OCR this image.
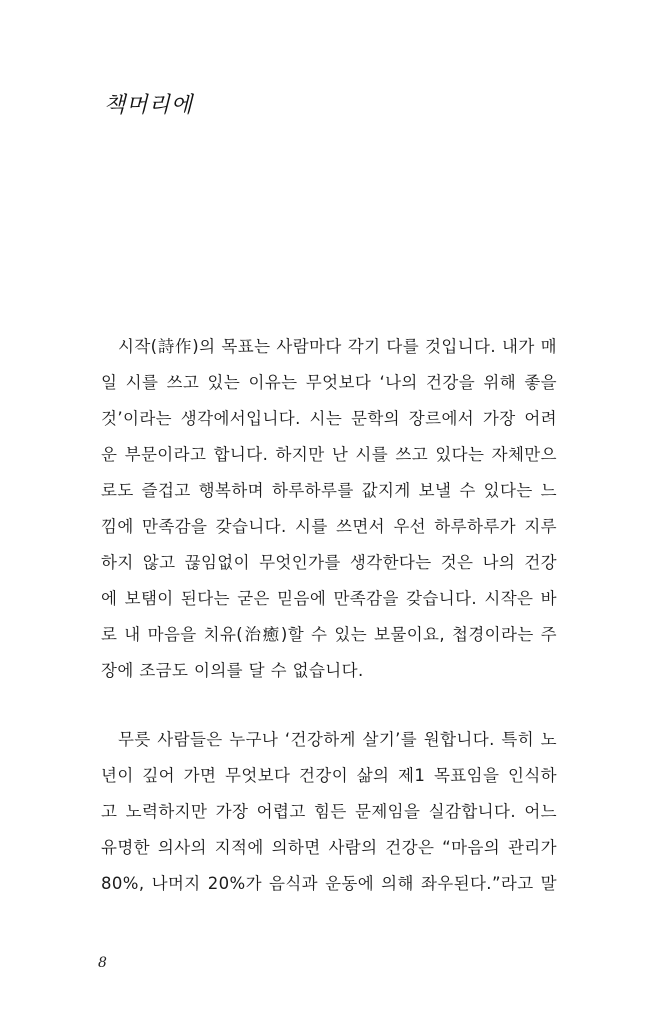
책머리에
시작(詩作)의 목표는 사람마다 각기 다를 것입니다. 내가 매
일 시를 쓰고 있는 이유는 무엇보다 ‘나의 건강을 위해 좋을
것’이라는 생각에서입니다. 시는 문학의 장르에서 가장 어려
운 부문이라고 합니다. 하지만 난 시를 쓰고 있다는 자체만으
로도 즐겁고 행복하며 하루하루를 값지게 보낼 수 있다는 느
낌에 만족감을 갖습니다. 시를 쓰면서 우선 하루하루가 지루
하지 않고 끊임없이 무엇인가를 생각한다는 것은 나의 건강
에 보탬이 된다는 굳은 믿음에 만족감을 갖습니다. 시작은 바
로 내 마음을 치유(治癒)할 수 있는 보물이요, 첩경이라는 주
장에 조금도 이의를 달 수 없습니다.
무릇 사람들은 누구나 ‘건강하게 살기’를 원합니다. 특히 노
년이 깊어 가면 무엇보다 건강이 삶의 제1 목표임을 인식하
고 노력하지만 가장 어렵고 힘든 문제임을 실감합니다. 어느
유명한 의사의 지적에 의하면 사람의 건강은 “마음의 관리가
80%, 나머지 20%가 음식과 운동에 의해 좌우된다.”라고 말
8
